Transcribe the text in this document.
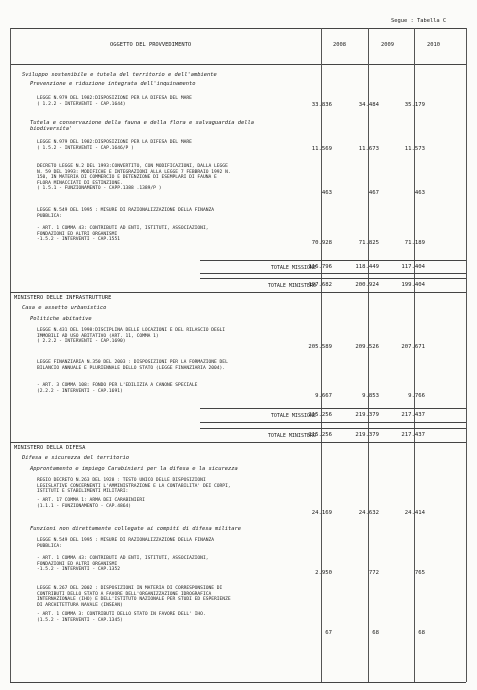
Segue : Tabella C
OGGETTO DEL PROVVEDIMENTO	2008	2009	2010
Sviluppo sostenibile e tutela del territorio e dell'ambiente
Prevenzione e riduzione integrata dell'inquinamento
LEGGE N.979 DEL 1982:DISPOSIZIONI PER LA DIFESA DEL MARE
( 1.2.2 - INTERVENTI - CAP.1644)	33.836	34.484	35.179
Tutela e conservazione della fauna e della flora e salvaguardia della
biodiversita'
LEGGE N.979 DEL 1982:DISPOSIZIONI PER LA DIFESA DEL MARE
( 1.5.2 - INTERVENTI - CAP.1646/P )	11.569	11.673	11.573
DECRETO LEGGE N.2 DEL 1993:CONVERTITO, CON MODIFICAZIONI, DALLA LEGGE
N. 59 DEL 1993: MODIFICHE E INTEGRAZIONI ALLA LEGGE 7 FEBBRAIO 1992 N.
150, IN MATERIA DI COMMERCIO E DETENZIONE DI ESEMPLARI DI FAUNA E
FLORA MINACCIATI DI ESTINZIONE.
( 1.5.1 - FUNZIONAMENTO - CAPP.1388 .1389/P )
463	467	463
LEGGE N.549 DEL 1995 : MISURE DI RAZIONALIZZAZIONE DELLA FINANZA
PUBBLICA:
- ART. 1 COMMA 43: CONTRIBUTI AD ENTI, ISTITUTI, ASSOCIAZIONI,
FONDAZIONI ED ALTRI ORGANISMI
-1.5.2 - INTERVENTI - CAP.1551
70.928	71.825	71.189
TOTALE MISSIONE
116.796	118.449	117.404
TOTALE MINISTERO
197.682	200.924	199.404
MINISTERO DELLE INFRASTRUTTURE
Casa e assetto urbanistico
Politiche abitative
LEGGE N.431 DEL 1998:DISCIPLINA DELLE LOCAZIONI E DEL RILASCIO DEGLI
IMMOBILI AD USO ABITATIVO (ART. 11, COMMA 1)
( 2.2.2 - INTERVENTI - CAP.1690)
205.589	209.526	207.671
LEGGE FINANZIARIA N.350 DEL 2003 : DISPOSIZIONI PER LA FORMAZIONE DEL
BILANCIO ANNUALE E PLURIENNALE DELLO STATO (LEGGE FINANZIARIA 2004).
- ART. 3 COMMA 108: FONDO PER L'EDILIZIA A CANONE SPECIALE
(2.2.2 - INTERVENTI - CAP.1691)
9.667	9.853	9.766
TOTALE MISSIONE
215.256	219.379	217.437
TOTALE MINISTERO
215.256	219.379	217.437
MINISTERO DELLA DIFESA
Difesa e sicurezza del territorio
Approntamento e impiego Carabinieri per la difesa e la sicurezza
REGIO DECRETO N.263 DEL 1928 : TESTO UNICO DELLE DISPOSIZIONI
LEGISLATIVE CONCERNENTI L'AMMINISTRAZIONE E LA CONTABILITA' DEI CORPI,
ISTITUTI E STABILIMENTI MILITARI:
- ART. 17 COMMA 1: ARMA DEI CARABINIERI
(1.1.1 - FUNZIONAMENTO - CAP.4864)
24.169	24.632	24.414
Funzioni non direttamente collegate ai compiti di difesa militare
LEGGE N.549 DEL 1995 : MISURE DI RAZIONALIZZAZIONE DELLA FINANZA
PUBBLICA:
- ART. 1 COMMA 43: CONTRIBUTI AD ENTI, ISTITUTI, ASSOCIAZIONI,
FONDAZIONI ED ALTRI ORGANISMI
-1.5.2 - INTERVENTI - CAP.1352
2.950	772	765
LEGGE N.267 DEL 2002 : DISPOSIZIONI IN MATERIA DI CORRESPONSIONE DI
CONTRIBUTI DELLO STATO A FAVORE DELL'ORGANIZZAZIONE IDROGRAFICA
INTERNAZIONALE (IHO) E DELL'ISTITUTO NAZIONALE PER STUDI ED ESPERIENZE
DI ARCHITETTURA NAVALE (INSEAN)
- ART. 1 COMMA 3: CONTRIBUTI DELLO STATO IN FAVORE DELL' IHO.
(1.5.2 - INTERVENTI - CAP.1345)
67	68	68
